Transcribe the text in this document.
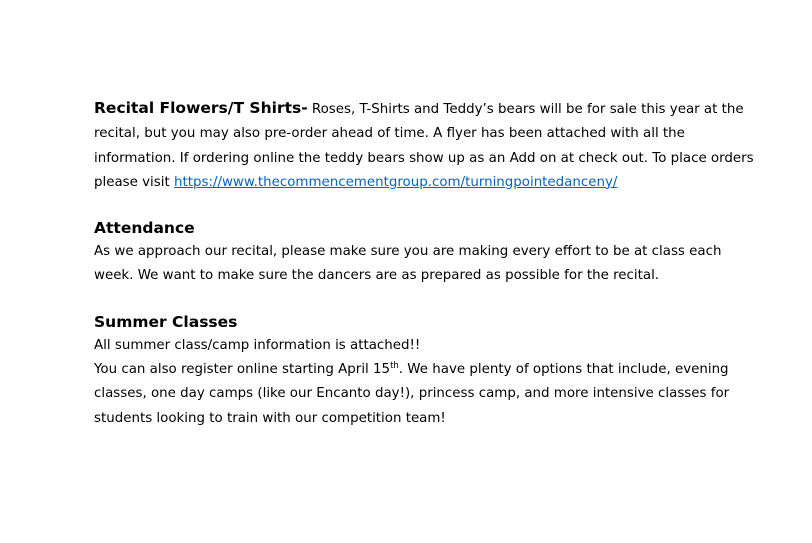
Recital Flowers/T Shirts- Roses, T-Shirts and Teddy’s bears will be for sale this year at the recital, but you may also pre-order ahead of time. A flyer has been attached with all the information. If ordering online the teddy bears show up as an Add on at check out. To place orders please visit https://www.thecommencementgroup.com/turningpointedanceny/

Attendance

As we approach our recital, please make sure you are making every effort to be at class each week. We want to make sure the dancers are as prepared as possible for the recital.

Summer Classes

All summer class/camp information is attached!!

You can also register online starting April 15th. We have plenty of options that include, evening classes, one day camps (like our Encanto day!), princess camp, and more intensive classes for students looking to train with our competition team!
